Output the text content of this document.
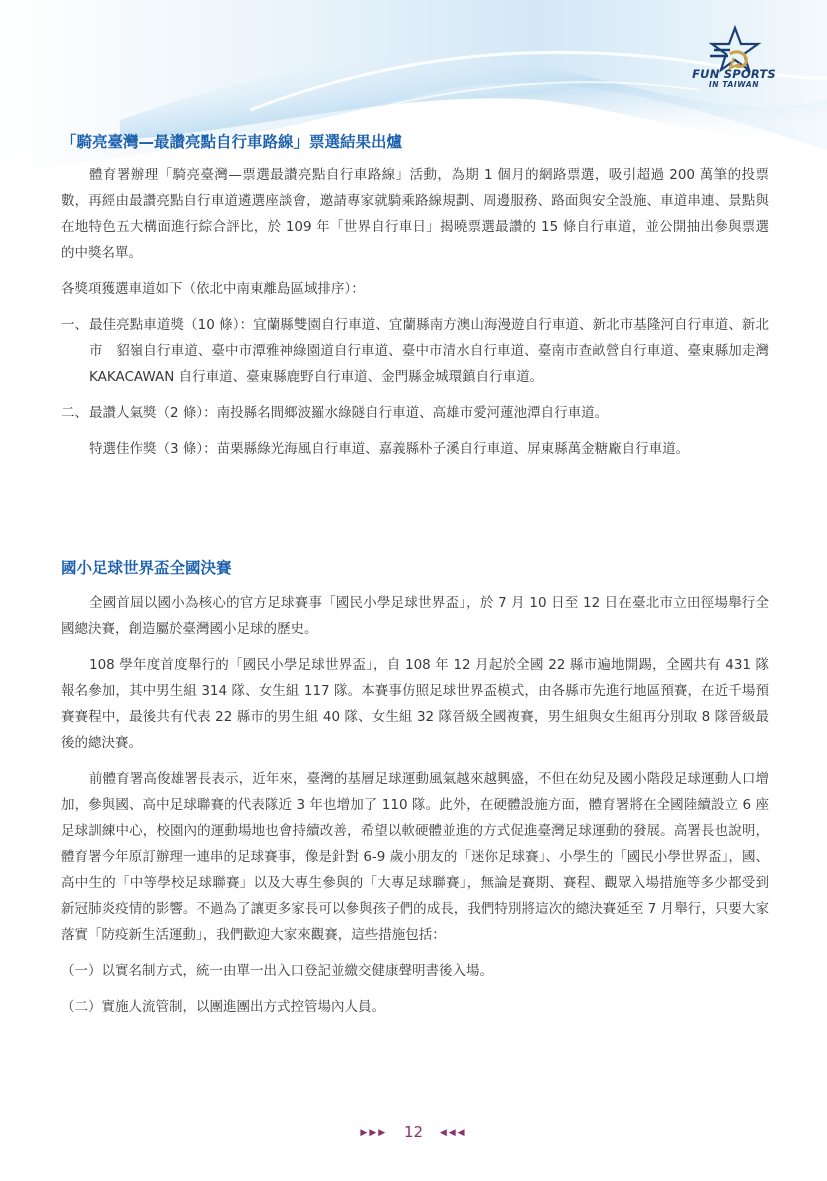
FUN SPORTS
IN TAIWAN
「騎亮臺灣—最讚亮點自行車路線」票選結果出爐

體育署辦理「騎亮臺灣—票選最讚亮點自行車路線」活動，為期 1 個月的網路票選，吸引超過 200 萬筆的投票數，再經由最讚亮點自行車道遴選座談會，邀請專家就騎乘路線規劃、周邊服務、路面與安全設施、車道串連、景點與在地特色五大構面進行綜合評比，於 109 年「世界自行車日」揭曉票選最讚的 15 條自行車道，並公開抽出參與票選的中獎名單。

各獎項獲選車道如下（依北中南東離島區域排序）：

一、 最佳亮點車道獎（10 條）：宜蘭縣雙園自行車道、宜蘭縣南方澳山海漫遊自行車道、新北市基隆河自行車道、新北市　貂嶺自行車道、臺中市潭雅神綠園道自行車道、臺中市清水自行車道、臺南市查畝營自行車道、臺東縣加走灣 KAKACAWAN 自行車道、臺東縣鹿野自行車道、金門縣金城環鎮自行車道。

二、 最讚人氣獎（2 條）：南投縣名間鄉波羅水綠隧自行車道、高雄市愛河蓮池潭自行車道。

特選佳作獎（3 條）：苗栗縣綠光海風自行車道、嘉義縣朴子溪自行車道、屏東縣萬金糖廠自行車道。

國小足球世界盃全國決賽

全國首屆以國小為核心的官方足球賽事「國民小學足球世界盃」，於 7 月 10 日至 12 日在臺北市立田徑場舉行全國總決賽，創造屬於臺灣國小足球的歷史。

108 學年度首度舉行的「國民小學足球世界盃」，自 108 年 12 月起於全國 22 縣市遍地開踢，全國共有 431 隊報名參加，其中男生組 314 隊、女生組 117 隊。本賽事仿照足球世界盃模式，由各縣市先進行地區預賽，在近千場預賽賽程中，最後共有代表 22 縣市的男生組 40 隊、女生組 32 隊晉級全國複賽，男生組與女生組再分別取 8 隊晉級最後的總決賽。

前體育署高俊雄署長表示，近年來，臺灣的基層足球運動風氣越來越興盛，不但在幼兒及國小階段足球運動人口增加，參與國、高中足球聯賽的代表隊近 3 年也增加了 110 隊。此外，在硬體設施方面，體育署將在全國陸續設立 6 座足球訓練中心，校園內的運動場地也會持續改善，希望以軟硬體並進的方式促進臺灣足球運動的發展。高署長也說明，體育署今年原訂辦理一連串的足球賽事，像是針對 6-9 歲小朋友的「迷你足球賽」、小學生的「國民小學世界盃」，國、高中生的「中等學校足球聯賽」以及大專生參與的「大專足球聯賽」，無論是賽期、賽程、觀眾入場措施等多少都受到新冠肺炎疫情的影響。不過為了讓更多家長可以參與孩子們的成長，我們特別將這次的總決賽延至 7 月舉行，只要大家落實「防疫新生活運動」，我們歡迎大家來觀賽，這些措施包括：

（一）以實名制方式，統一由單一出入口登記並繳交健康聲明書後入場。

（二）實施人流管制，以團進團出方式控管場內人員。

▶▶▶ 12 ◀◀◀
